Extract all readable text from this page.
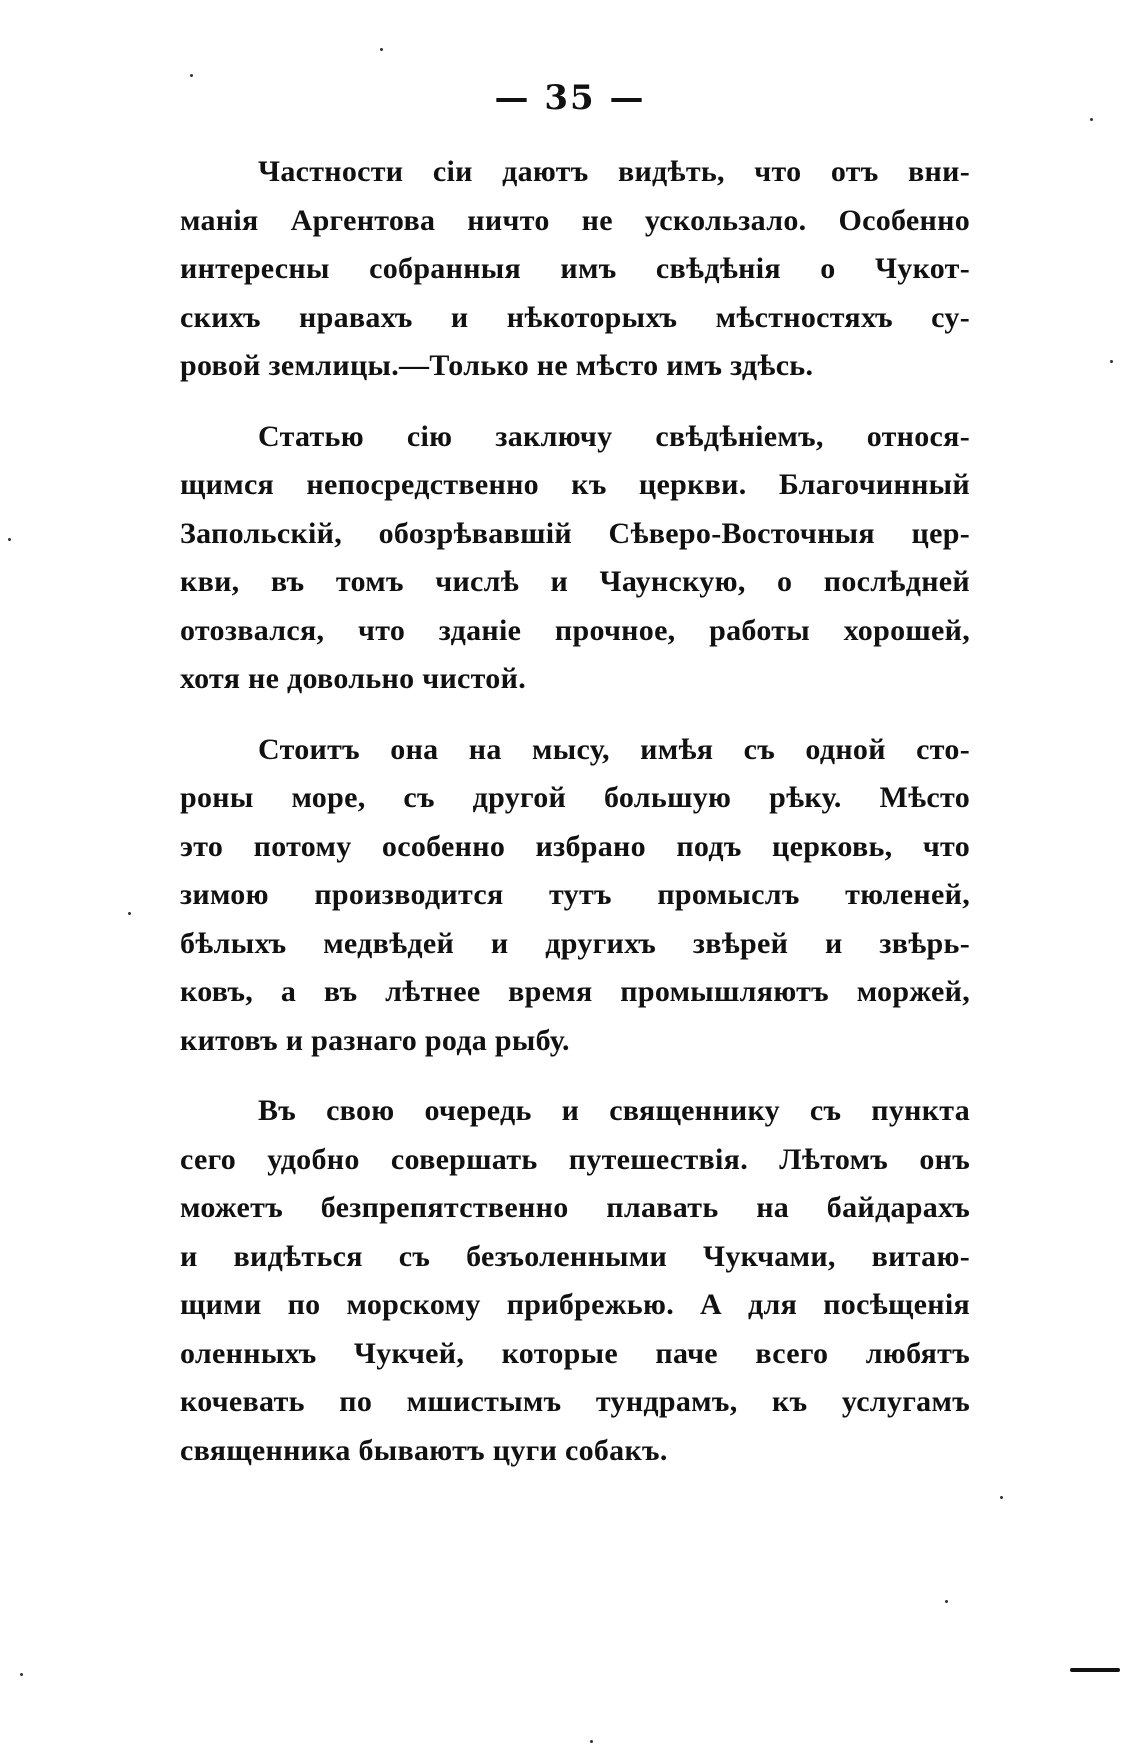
— 35 —

Частности сіи даютъ видѣть, что отъ вни-
манія Аргентова ничто не ускользало. Особенно
интересны собранныя имъ свѣдѣнія о Чукот-
скихъ нравахъ и нѣкоторыхъ мѣстностяхъ су-
ровой землицы.—Только не мѣсто имъ здѣсь.

Статью сію заключу свѣдѣніемъ, относя-
щимся непосредственно къ церкви. Благочинный
Запольскій, обозрѣвавшій Сѣверо-Восточныя цер-
кви, въ томъ числѣ и Чаунскую, о послѣдней
отозвался, что зданіе прочное, работы хорошей,
хотя не довольно чистой.

Стоитъ она на мысу, имѣя съ одной сто-
роны море, съ другой большую рѣку. Мѣсто
это потому особенно избрано подъ церковь, что
зимою производится тутъ промыслъ тюленей,
бѣлыхъ медвѣдей и другихъ звѣрей и звѣрь-
ковъ, а въ лѣтнее время промышляютъ моржей,
китовъ и разнаго рода рыбу.

Въ свою очередь и священнику съ пункта
сего удобно совершать путешествія. Лѣтомъ онъ
можетъ безпрепятственно плавать на байдарахъ
и видѣться съ безъоленными Чукчами, витаю-
щими по морскому прибрежью. А для посѣщенія
оленныхъ Чукчей, которые паче всего любятъ
кочевать по мшистымъ тундрамъ, къ услугамъ
священника бываютъ цуги собакъ.
